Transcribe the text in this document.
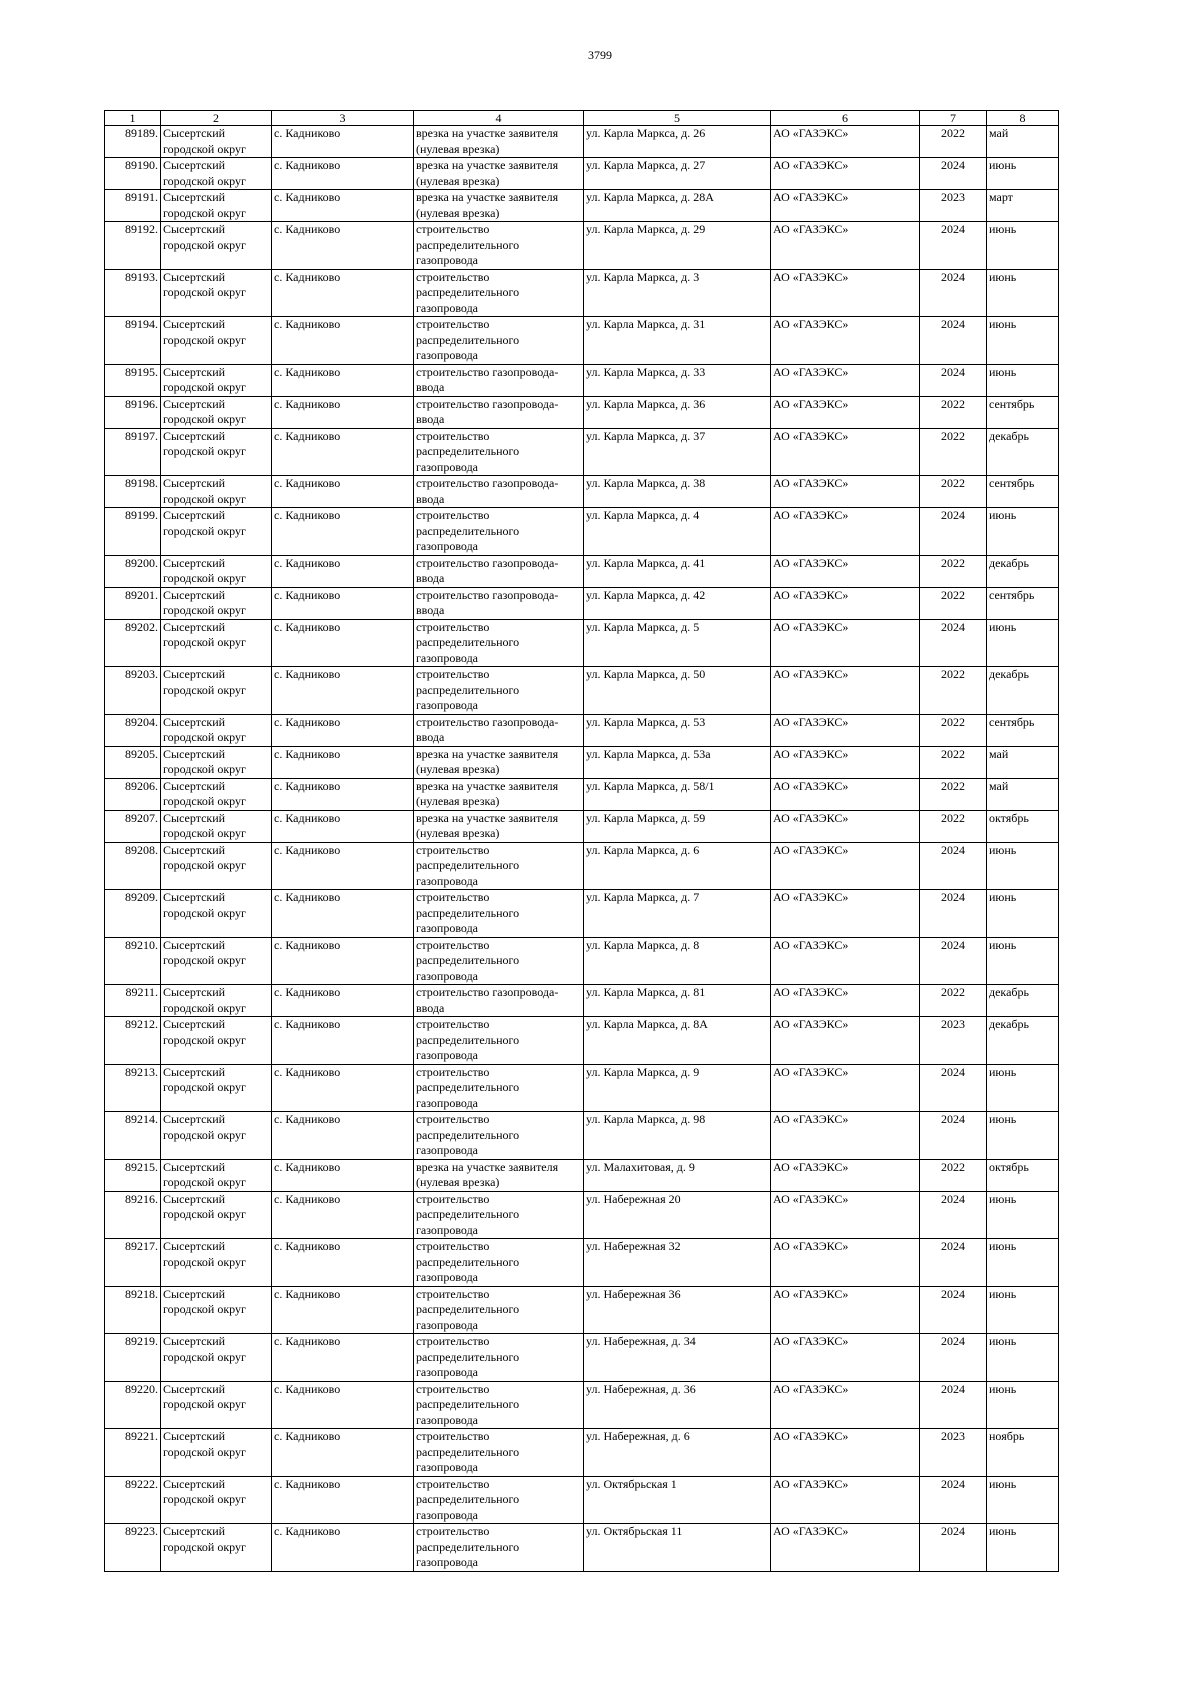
3799
1	2	3	4	5	6	7	8
89189.	Сысертский городской округ	с. Кадниково	врезка на участке заявителя (нулевая врезка)	ул. Карла Маркса, д. 26	АО «ГАЗЭКС»	2022	май
89190.	Сысертский городской округ	с. Кадниково	врезка на участке заявителя (нулевая врезка)	ул. Карла Маркса, д. 27	АО «ГАЗЭКС»	2024	июнь
89191.	Сысертский городской округ	с. Кадниково	врезка на участке заявителя (нулевая врезка)	ул. Карла Маркса, д. 28А	АО «ГАЗЭКС»	2023	март
89192.	Сысертский городской округ	с. Кадниково	строительство распределительного газопровода	ул. Карла Маркса, д. 29	АО «ГАЗЭКС»	2024	июнь
89193.	Сысертский городской округ	с. Кадниково	строительство распределительного газопровода	ул. Карла Маркса, д. 3	АО «ГАЗЭКС»	2024	июнь
89194.	Сысертский городской округ	с. Кадниково	строительство распределительного газопровода	ул. Карла Маркса, д. 31	АО «ГАЗЭКС»	2024	июнь
89195.	Сысертский городской округ	с. Кадниково	строительство газопровода-ввода	ул. Карла Маркса, д. 33	АО «ГАЗЭКС»	2024	июнь
89196.	Сысертский городской округ	с. Кадниково	строительство газопровода-ввода	ул. Карла Маркса, д. 36	АО «ГАЗЭКС»	2022	сентябрь
89197.	Сысертский городской округ	с. Кадниково	строительство распределительного газопровода	ул. Карла Маркса, д. 37	АО «ГАЗЭКС»	2022	декабрь
89198.	Сысертский городской округ	с. Кадниково	строительство газопровода-ввода	ул. Карла Маркса, д. 38	АО «ГАЗЭКС»	2022	сентябрь
89199.	Сысертский городской округ	с. Кадниково	строительство распределительного газопровода	ул. Карла Маркса, д. 4	АО «ГАЗЭКС»	2024	июнь
89200.	Сысертский городской округ	с. Кадниково	строительство газопровода-ввода	ул. Карла Маркса, д. 41	АО «ГАЗЭКС»	2022	декабрь
89201.	Сысертский городской округ	с. Кадниково	строительство газопровода-ввода	ул. Карла Маркса, д. 42	АО «ГАЗЭКС»	2022	сентябрь
89202.	Сысертский городской округ	с. Кадниково	строительство распределительного газопровода	ул. Карла Маркса, д. 5	АО «ГАЗЭКС»	2024	июнь
89203.	Сысертский городской округ	с. Кадниково	строительство распределительного газопровода	ул. Карла Маркса, д. 50	АО «ГАЗЭКС»	2022	декабрь
89204.	Сысертский городской округ	с. Кадниково	строительство газопровода-ввода	ул. Карла Маркса, д. 53	АО «ГАЗЭКС»	2022	сентябрь
89205.	Сысертский городской округ	с. Кадниково	врезка на участке заявителя (нулевая врезка)	ул. Карла Маркса, д. 53а	АО «ГАЗЭКС»	2022	май
89206.	Сысертский городской округ	с. Кадниково	врезка на участке заявителя (нулевая врезка)	ул. Карла Маркса, д. 58/1	АО «ГАЗЭКС»	2022	май
89207.	Сысертский городской округ	с. Кадниково	врезка на участке заявителя (нулевая врезка)	ул. Карла Маркса, д. 59	АО «ГАЗЭКС»	2022	октябрь
89208.	Сысертский городской округ	с. Кадниково	строительство распределительного газопровода	ул. Карла Маркса, д. 6	АО «ГАЗЭКС»	2024	июнь
89209.	Сысертский городской округ	с. Кадниково	строительство распределительного газопровода	ул. Карла Маркса, д. 7	АО «ГАЗЭКС»	2024	июнь
89210.	Сысертский городской округ	с. Кадниково	строительство распределительного газопровода	ул. Карла Маркса, д. 8	АО «ГАЗЭКС»	2024	июнь
89211.	Сысертский городской округ	с. Кадниково	строительство газопровода-ввода	ул. Карла Маркса, д. 81	АО «ГАЗЭКС»	2022	декабрь
89212.	Сысертский городской округ	с. Кадниково	строительство распределительного газопровода	ул. Карла Маркса, д. 8А	АО «ГАЗЭКС»	2023	декабрь
89213.	Сысертский городской округ	с. Кадниково	строительство распределительного газопровода	ул. Карла Маркса, д. 9	АО «ГАЗЭКС»	2024	июнь
89214.	Сысертский городской округ	с. Кадниково	строительство распределительного газопровода	ул. Карла Маркса, д. 98	АО «ГАЗЭКС»	2024	июнь
89215.	Сысертский городской округ	с. Кадниково	врезка на участке заявителя (нулевая врезка)	ул. Малахитовая, д. 9	АО «ГАЗЭКС»	2022	октябрь
89216.	Сысертский городской округ	с. Кадниково	строительство распределительного газопровода	ул. Набережная 20	АО «ГАЗЭКС»	2024	июнь
89217.	Сысертский городской округ	с. Кадниково	строительство распределительного газопровода	ул. Набережная 32	АО «ГАЗЭКС»	2024	июнь
89218.	Сысертский городской округ	с. Кадниково	строительство распределительного газопровода	ул. Набережная 36	АО «ГАЗЭКС»	2024	июнь
89219.	Сысертский городской округ	с. Кадниково	строительство распределительного газопровода	ул. Набережная, д. 34	АО «ГАЗЭКС»	2024	июнь
89220.	Сысертский городской округ	с. Кадниково	строительство распределительного газопровода	ул. Набережная, д. 36	АО «ГАЗЭКС»	2024	июнь
89221.	Сысертский городской округ	с. Кадниково	строительство распределительного газопровода	ул. Набережная, д. 6	АО «ГАЗЭКС»	2023	ноябрь
89222.	Сысертский городской округ	с. Кадниково	строительство распределительного газопровода	ул. Октябрьская 1	АО «ГАЗЭКС»	2024	июнь
89223.	Сысертский городской округ	с. Кадниково	строительство распределительного газопровода	ул. Октябрьская 11	АО «ГАЗЭКС»	2024	июнь
